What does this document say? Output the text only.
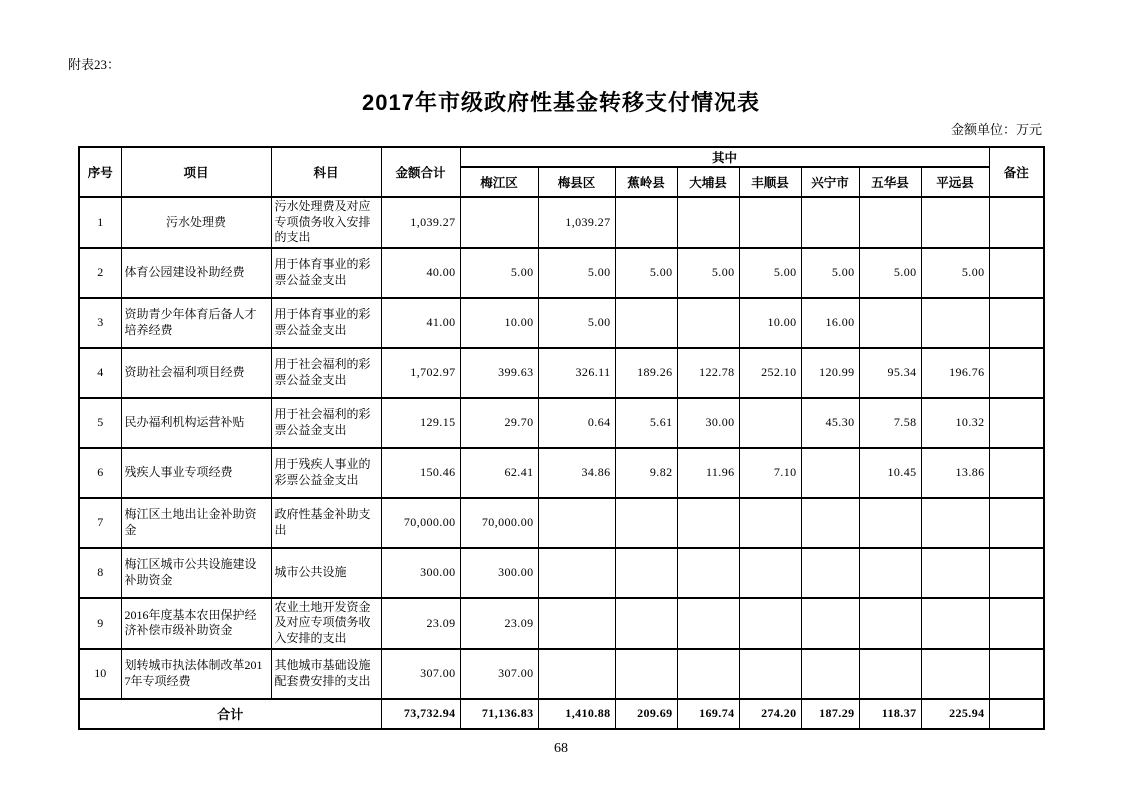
附表23：
2017年市级政府性基金转移支付情况表
金额单位：万元
序号	项目	科目	金额合计	其中								备注
				梅江区	梅县区	蕉岭县	大埔县	丰顺县	兴宁市	五华县	平远县	
1	污水处理费	污水处理费及对应专项债务收入安排的支出	1,039.27		1,039.27							
2	体育公园建设补助经费	用于体育事业的彩票公益金支出	40.00	5.00	5.00	5.00	5.00	5.00	5.00	5.00	5.00	
3	资助青少年体育后备人才培养经费	用于体育事业的彩票公益金支出	41.00	10.00	5.00			10.00	16.00			
4	资助社会福利项目经费	用于社会福利的彩票公益金支出	1,702.97	399.63	326.11	189.26	122.78	252.10	120.99	95.34	196.76	
5	民办福利机构运营补贴	用于社会福利的彩票公益金支出	129.15	29.70	0.64	5.61	30.00		45.30	7.58	10.32	
6	残疾人事业专项经费	用于残疾人事业的彩票公益金支出	150.46	62.41	34.86	9.82	11.96	7.10		10.45	13.86	
7	梅江区土地出让金补助资金	政府性基金补助支出	70,000.00	70,000.00								
8	梅江区城市公共设施建设补助资金	城市公共设施	300.00	300.00								
9	2016年度基本农田保护经济补偿市级补助资金	农业土地开发资金及对应专项债务收入安排的支出	23.09	23.09								
10	划转城市执法体制改革2017年专项经费	其他城市基础设施配套费安排的支出	307.00	307.00								
合计			73,732.94	71,136.83	1,410.88	209.69	169.74	274.20	187.29	118.37	225.94	
68
